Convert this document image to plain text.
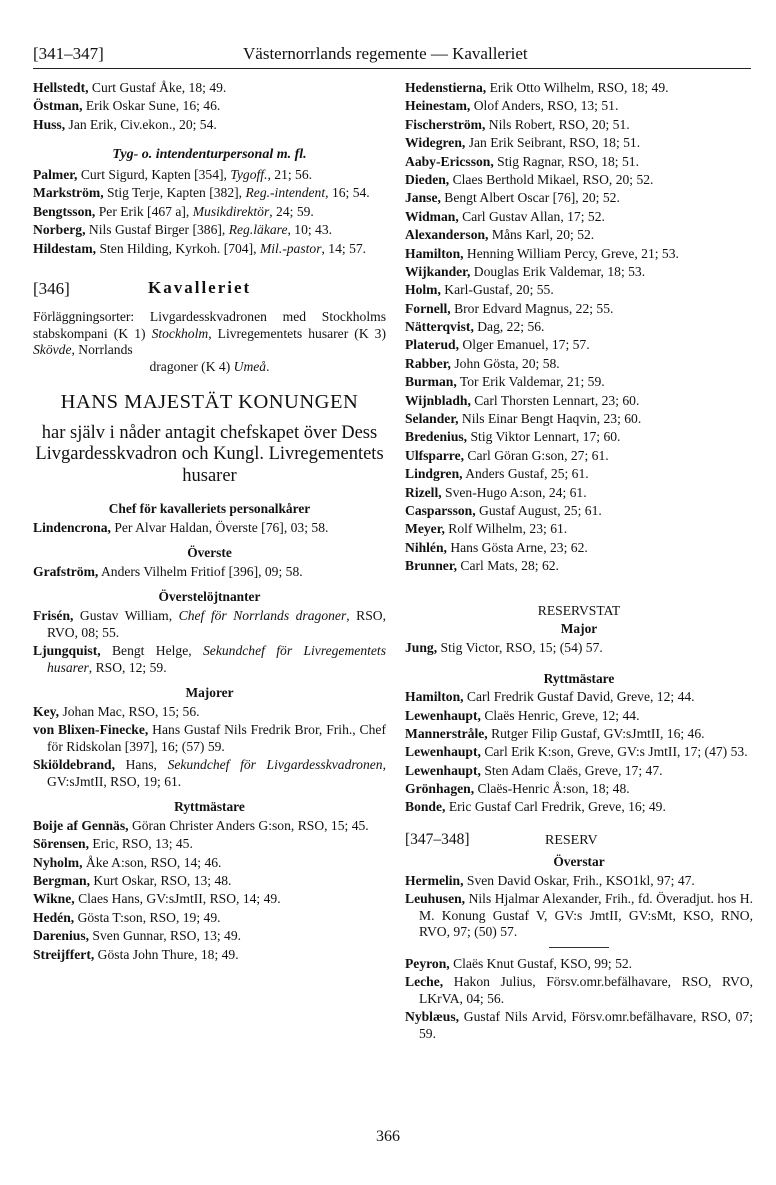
[341–347]	Västernorrlands regemente — Kavalleriet

Hellstedt, Curt Gustaf Åke, 18; 49.

Östman, Erik Oskar Sune, 16; 46.

Huss, Jan Erik, Civ.ekon., 20; 54.

Tyg- o. intendenturpersonal m. fl.

Palmer, Curt Sigurd, Kapten [354], Tygoff., 21; 56.

Markström, Stig Terje, Kapten [382], Reg.-intendent, 16; 54.

Bengtsson, Per Erik [467 a], Musikdirektör, 24; 59.

Norberg, Nils Gustaf Birger [386], Reg.läkare, 10; 43.

Hildestam, Sten Hilding, Kyrkoh. [704], Mil.-pastor, 14; 57.

[346]	Kavalleriet

Förläggningsorter: Livgardesskvadronen med Stockholms stabskompani (K 1) Stockholm, Livregementets husarer (K 3) Skövde, Norrlands

dragoner (K 4) Umeå.

HANS MAJESTÄT KONUNGEN
har själv i nåder antagit chefskapet över Dess Livgardesskvadron och Kungl. Livregementets husarer
Chef för kavalleriets personalkårer

Lindencrona, Per Alvar Haldan, Överste [76], 03; 58.

Överste

Grafström, Anders Vilhelm Fritiof [396], 09; 58.

Överstelöjtnanter

Frisén, Gustav William, Chef för Norrlands dragoner, RSO, RVO, 08; 55.

Ljungquist, Bengt Helge, Sekundchef för Livregementets husarer, RSO, 12; 59.

Majorer

Key, Johan Mac, RSO, 15; 56.

von Blixen-Finecke, Hans Gustaf Nils Fredrik Bror, Frih., Chef för Ridskolan [397], 16; (57) 59.

Skiöldebrand, Hans, Sekundchef för Livgardesskvadronen, GV:sJmtII, RSO, 19; 61.

Ryttmästare

Boije af Gennäs, Göran Christer Anders G:son, RSO, 15; 45.

Sörensen, Eric, RSO, 13; 45.

Nyholm, Åke A:son, RSO, 14; 46.

Bergman, Kurt Oskar, RSO, 13; 48.

Wikne, Claes Hans, GV:sJmtII, RSO, 14; 49.

Hedén, Gösta T:son, RSO, 19; 49.

Darenius, Sven Gunnar, RSO, 13; 49.

Streijffert, Gösta John Thure, 18; 49.

Hedenstierna, Erik Otto Wilhelm, RSO, 18; 49.

Heinestam, Olof Anders, RSO, 13; 51.

Fischerström, Nils Robert, RSO, 20; 51.

Widegren, Jan Erik Seibrant, RSO, 18; 51.

Aaby-Ericsson, Stig Ragnar, RSO, 18; 51.

Dieden, Claes Berthold Mikael, RSO, 20; 52.

Janse, Bengt Albert Oscar [76], 20; 52.

Widman, Carl Gustav Allan, 17; 52.

Alexanderson, Måns Karl, 20; 52.

Hamilton, Henning William Percy, Greve, 21; 53.

Wijkander, Douglas Erik Valdemar, 18; 53.

Holm, Karl-Gustaf, 20; 55.

Fornell, Bror Edvard Magnus, 22; 55.

Nätterqvist, Dag, 22; 56.

Platerud, Olger Emanuel, 17; 57.

Rabber, John Gösta, 20; 58.

Burman, Tor Erik Valdemar, 21; 59.

Wijnbladh, Carl Thorsten Lennart, 23; 60.

Selander, Nils Einar Bengt Haqvin, 23; 60.

Bredenius, Stig Viktor Lennart, 17; 60.

Ulfsparre, Carl Göran G:son, 27; 61.

Lindgren, Anders Gustaf, 25; 61.

Rizell, Sven-Hugo A:son, 24; 61.

Casparsson, Gustaf August, 25; 61.

Meyer, Rolf Wilhelm, 23; 61.

Nihlén, Hans Gösta Arne, 23; 62.

Brunner, Carl Mats, 28; 62.

RESERVSTAT
Major

Jung, Stig Victor, RSO, 15; (54) 57.

Ryttmästare

Hamilton, Carl Fredrik Gustaf David, Greve, 12; 44.

Lewenhaupt, Claës Henric, Greve, 12; 44.

Mannerstråle, Rutger Filip Gustaf, GV:sJmtII, 16; 46.

Lewenhaupt, Carl Erik K:son, Greve, GV:s JmtII, 17; (47) 53.

Lewenhaupt, Sten Adam Claës, Greve, 17; 47.

Grönhagen, Claës-Henric Å:son, 18; 48.

Bonde, Eric Gustaf Carl Fredrik, Greve, 16; 49.

[347–348]	RESERV
Överstar

Hermelin, Sven David Oskar, Frih., KSO1kl, 97; 47.

Leuhusen, Nils Hjalmar Alexander, Frih., fd. Överadjut. hos H. M. Konung Gustaf V, GV:s JmtII, GV:sMt, KSO, RNO, RVO, 97; (50) 57.

Peyron, Claës Knut Gustaf, KSO, 99; 52.

Leche, Hakon Julius, Försv.omr.befälhavare, RSO, RVO, LKrVA, 04; 56.

Nyblæus, Gustaf Nils Arvid, Försv.omr.befälhavare, RSO, 07; 59.

366
